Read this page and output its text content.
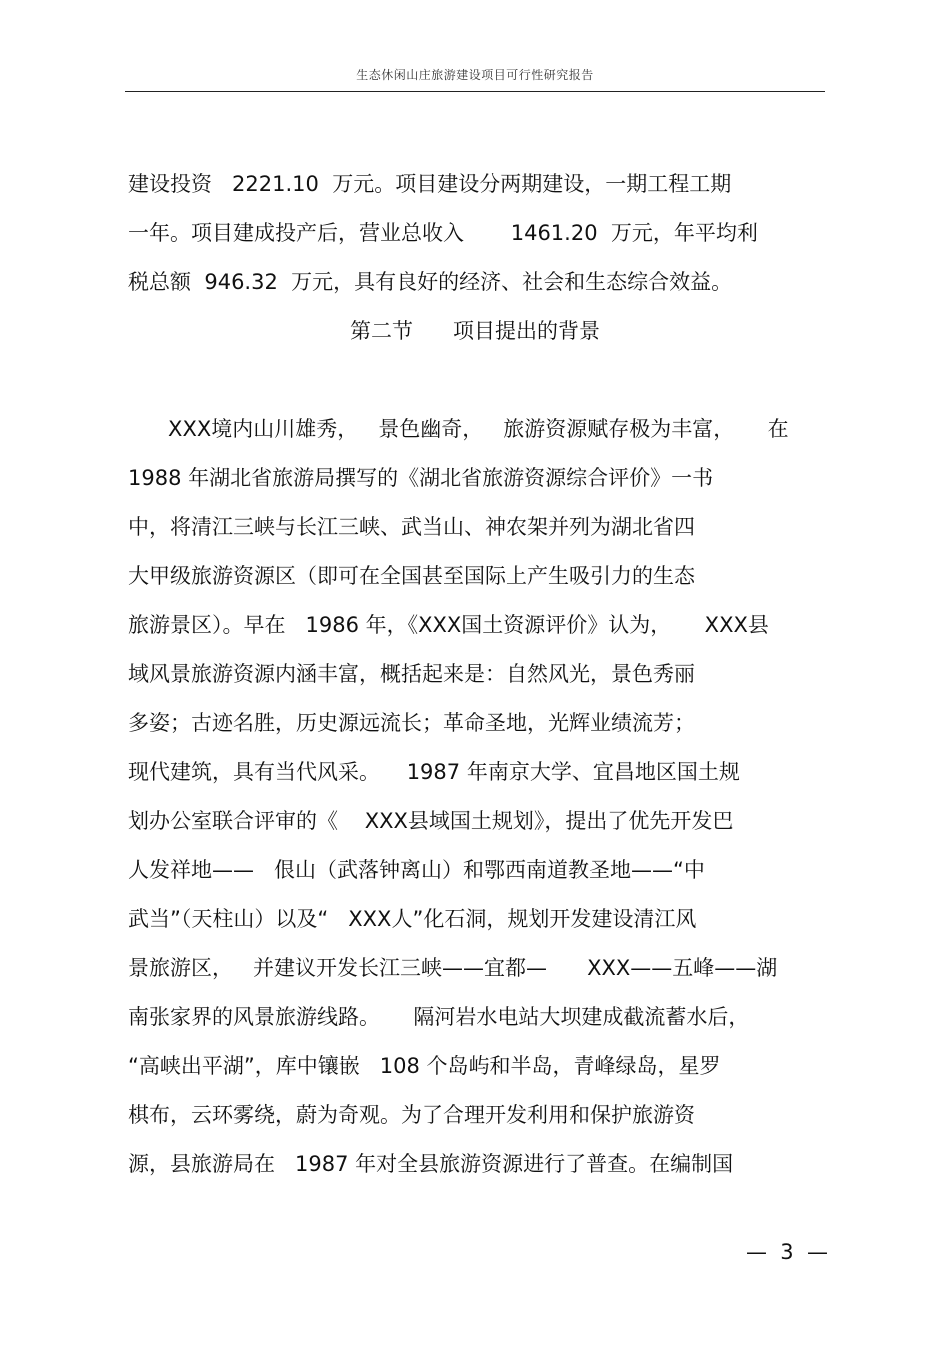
生态休闲山庄旅游建设项目可行性研究报告
建设投资   2221.10  万元。项目建设分两期建设，一期工程工期
一年。项目建成投产后，营业总收入       1461.20  万元，年平均利
税总额  946.32  万元，具有良好的经济、社会和生态综合效益。
第二节      项目提出的背景
XXX境内山川雄秀，   景色幽奇，   旅游资源赋存极为丰富，     在
1988 年湖北省旅游局撰写的《湖北省旅游资源综合评价》一书
中，将清江三峡与长江三峡、武当山、神农架并列为湖北省四
大甲级旅游资源区（即可在全国甚至国际上产生吸引力的生态
旅游景区）。早在   1986 年，《XXX国土资源评价》认为，     XXX县
域风景旅游资源内涵丰富，概括起来是：自然风光，景色秀丽
多姿；古迹名胜，历史源远流长；革命圣地，光辉业绩流芳；
现代建筑，具有当代风采。    1987 年南京大学、宜昌地区国土规
划办公室联合评审的《    XXX县域国土规划》，提出了优先开发巴
人发祥地——   佷山（武落钟离山）和鄂西南道教圣地——“中
武当”（天柱山）以及“   XXX人”化石洞，规划开发建设清江风
景旅游区，   并建议开发长江三峡——宜都—      XXX——五峰——湖
南张家界的风景旅游线路。     隔河岩水电站大坝建成截流蓄水后，
“高峡出平湖”，库中镶嵌   108 个岛屿和半岛，青峰绿岛，星罗
棋布，云环雾绕，蔚为奇观。为了合理开发利用和保护旅游资
源，县旅游局在   1987 年对全县旅游资源进行了普查。在编制国
—  3  —
